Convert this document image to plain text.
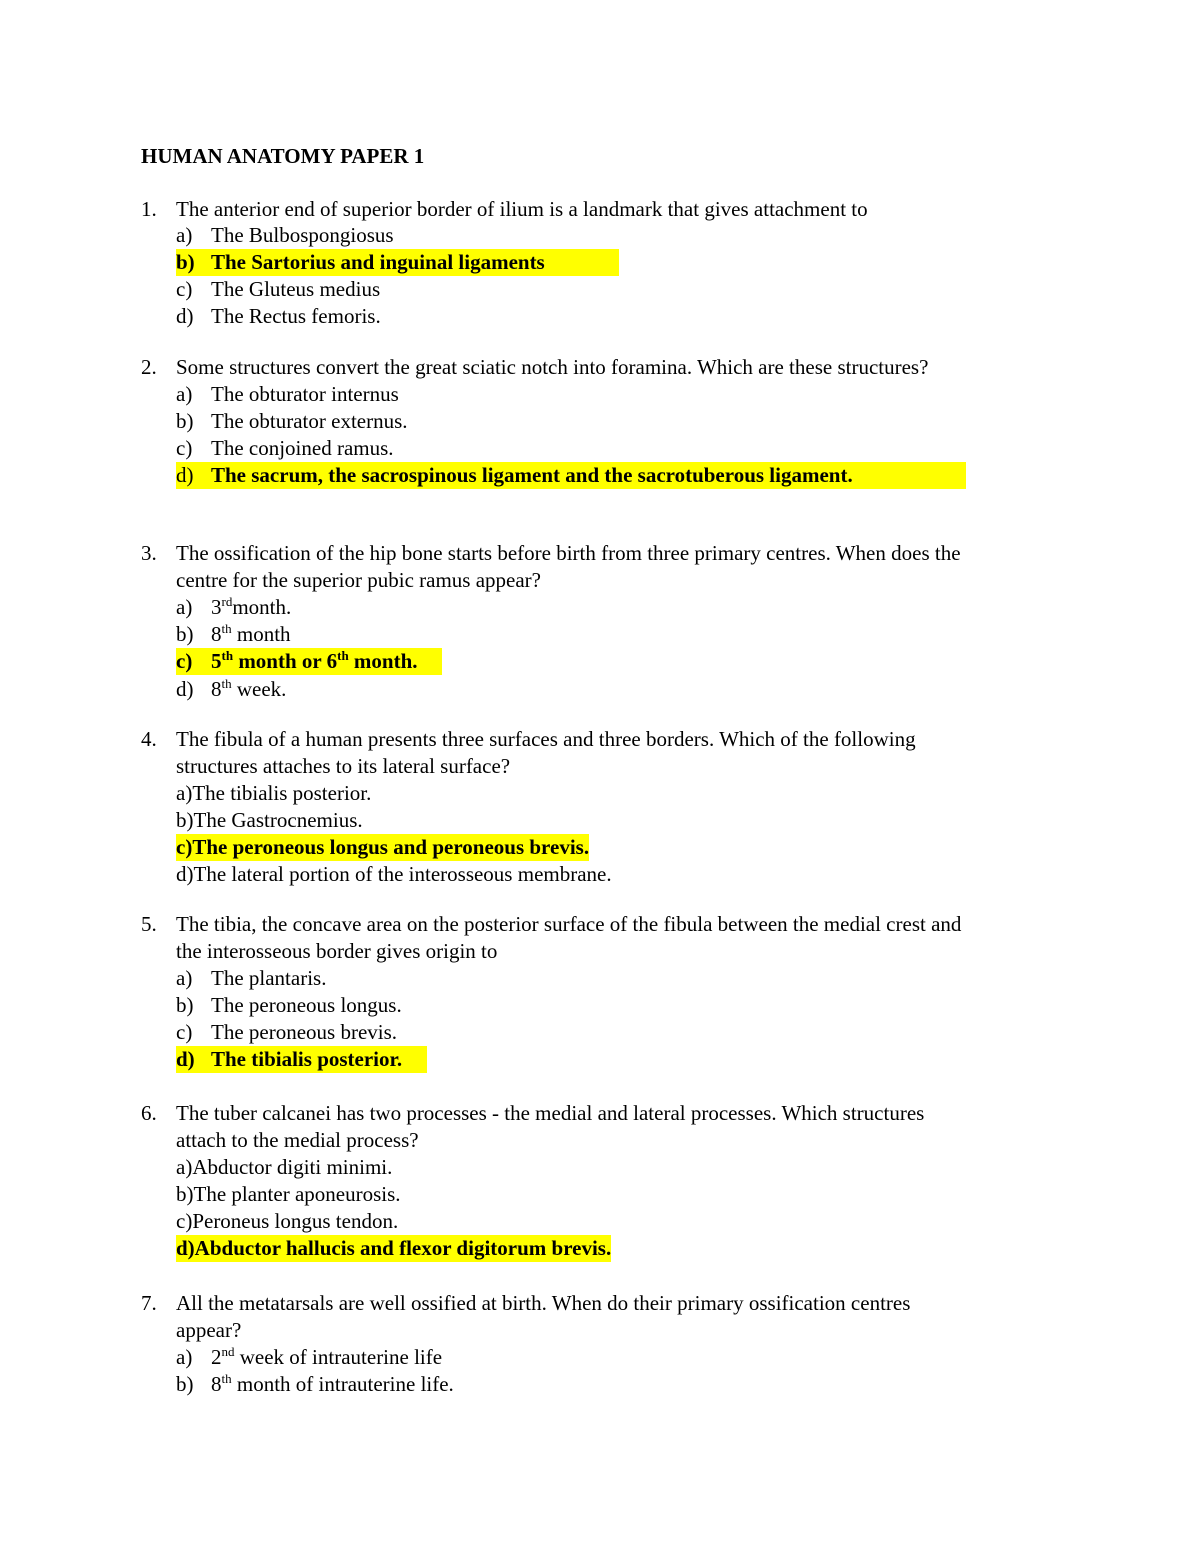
HUMAN ANATOMY PAPER 1
1. The anterior end of superior border of ilium is a landmark that gives attachment to
a) The Bulbospongiosus
b) The Sartorius and inguinal ligaments
c) The Gluteus medius
d) The Rectus femoris.
2. Some structures convert the great sciatic notch into foramina. Which are these structures?
a) The obturator internus
b) The obturator externus.
c) The conjoined ramus.
d) The sacrum, the sacrospinous ligament and the sacrotuberous ligament.
3. The ossification of the hip bone starts before birth from three primary centres. When does the
centre for the superior pubic ramus appear?
a) 3rdmonth.
b) 8th month
c) 5th month or 6th month.
d) 8th week.
4. The fibula of a human presents three surfaces and three borders. Which of the following
structures attaches to its lateral surface?
a)The tibialis posterior.
b)The Gastrocnemius.
c)The peroneous longus and peroneous brevis.
d)The lateral portion of the interosseous membrane.
5. The tibia, the concave area on the posterior surface of the fibula between the medial crest and
the interosseous border gives origin to
a) The plantaris.
b) The peroneous longus.
c) The peroneous brevis.
d) The tibialis posterior.
6. The tuber calcanei has two processes - the medial and lateral processes. Which structures
attach to the medial process?
a)Abductor digiti minimi.
b)The planter aponeurosis.
c)Peroneus longus tendon.
d)Abductor hallucis and flexor digitorum brevis.
7. All the metatarsals are well ossified at birth. When do their primary ossification centres
appear?
a) 2nd week of intrauterine life
b) 8th month of intrauterine life.
